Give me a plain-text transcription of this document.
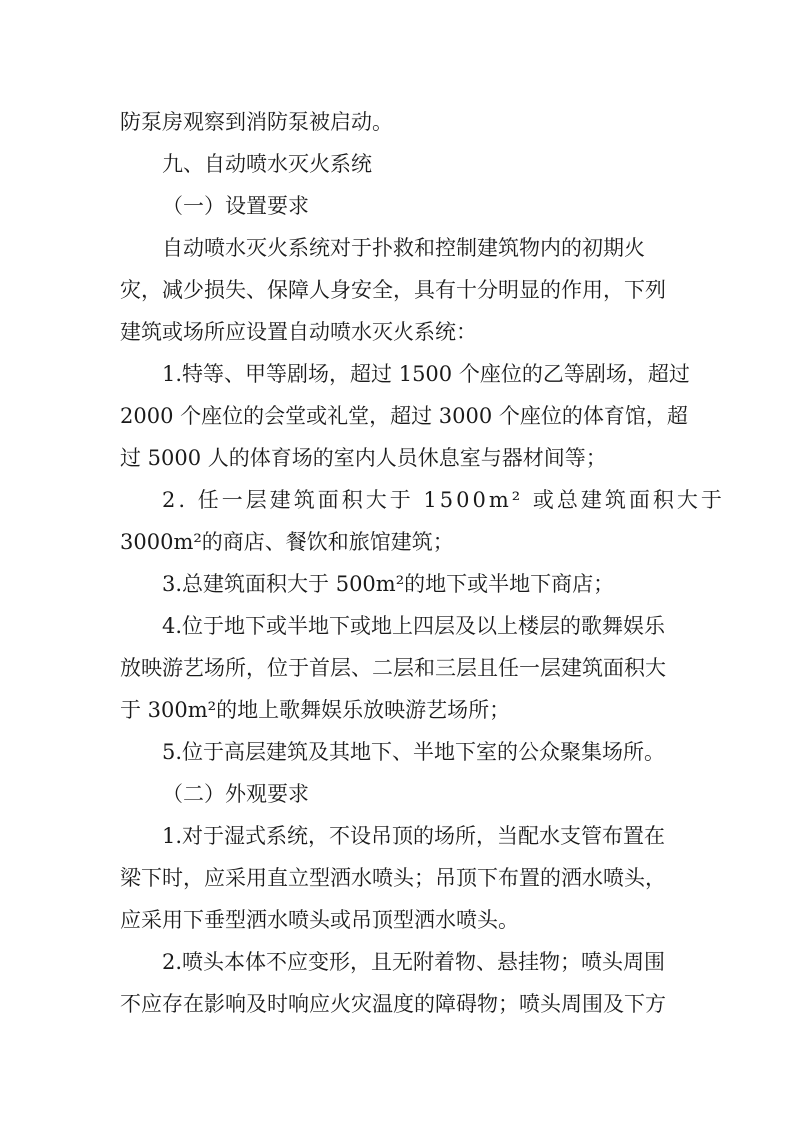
防泵房观察到消防泵被启动。
九、自动喷水灭火系统
（一）设置要求
自动喷水灭火系统对于扑救和控制建筑物内的初期火
灾，减少损失、保障人身安全，具有十分明显的作用，下列
建筑或场所应设置自动喷水灭火系统：
1.特等、甲等剧场，超过 1500 个座位的乙等剧场，超过
2000 个座位的会堂或礼堂，超过 3000 个座位的体育馆，超
过 5000 人的体育场的室内人员休息室与器材间等；
2. 任一层建筑面积大于 1500m² 或总建筑面积大于
3000m²的商店、餐饮和旅馆建筑；
3.总建筑面积大于 500m²的地下或半地下商店；
4.位于地下或半地下或地上四层及以上楼层的歌舞娱乐
放映游艺场所，位于首层、二层和三层且任一层建筑面积大
于 300m²的地上歌舞娱乐放映游艺场所；
5.位于高层建筑及其地下、半地下室的公众聚集场所。
（二）外观要求
1.对于湿式系统，不设吊顶的场所，当配水支管布置在
梁下时，应采用直立型洒水喷头；吊顶下布置的洒水喷头，
应采用下垂型洒水喷头或吊顶型洒水喷头。
2.喷头本体不应变形，且无附着物、悬挂物；喷头周围
不应存在影响及时响应火灾温度的障碍物；喷头周围及下方
